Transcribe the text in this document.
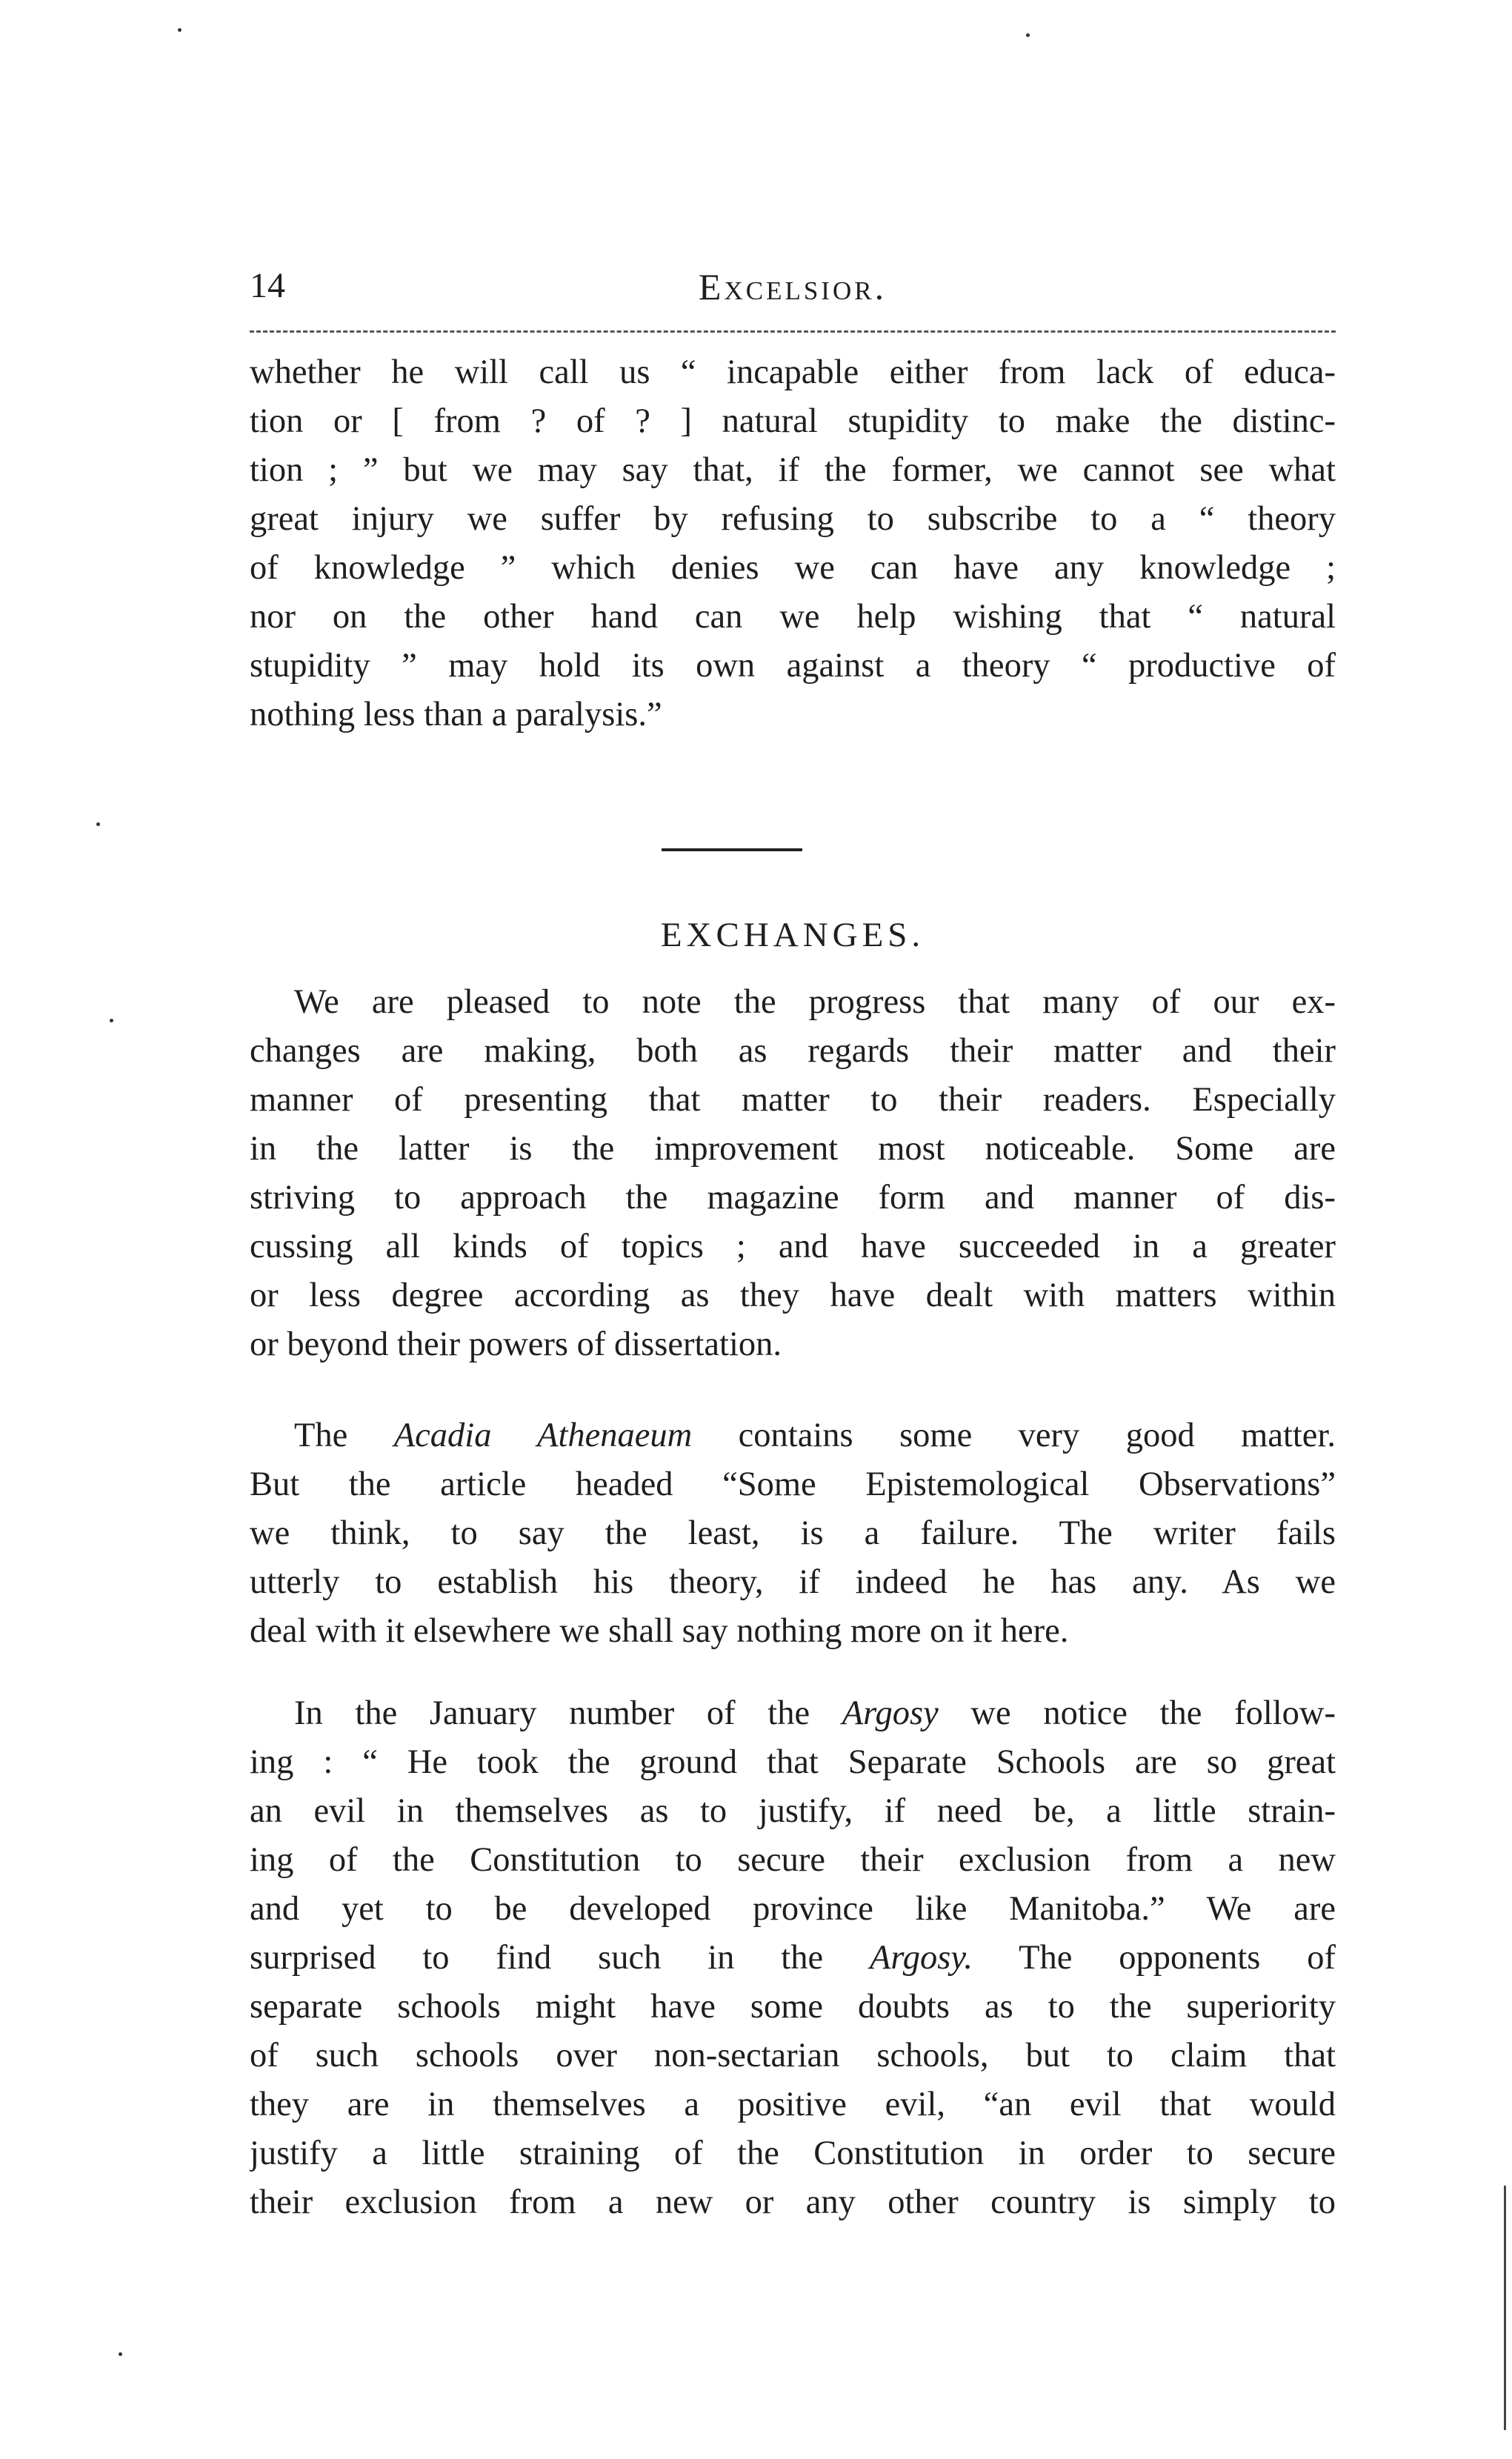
14	Excelsior.
whether he will call us “ incapable either from lack of educa-
tion or [ from ? of ? ] natural stupidity to make the distinc-
tion ; ” but we may say that, if the former, we cannot see what
great injury we suffer by refusing to subscribe to a “ theory
of knowledge ” which denies we can have any knowledge ;
nor on the other hand can we help wishing that “ natural
stupidity ” may hold its own against a theory “ productive of
nothing less than a paralysis.”
EXCHANGES.
We are pleased to note the progress that many of our ex-
changes are making, both as regards their matter and their
manner of presenting that matter to their readers. Especially
in the latter is the improvement most noticeable. Some are
striving to approach the magazine form and manner of dis-
cussing all kinds of topics ; and have succeeded in a greater
or less degree according as they have dealt with matters within
or beyond their powers of dissertation.
The Acadia Athenaeum contains some very good matter.
But the article headed “Some Epistemological Observations”
we think, to say the least, is a failure. The writer fails
utterly to establish his theory, if indeed he has any. As we
deal with it elsewhere we shall say nothing more on it here.
In the January number of the Argosy we notice the follow-
ing : “ He took the ground that Separate Schools are so great
an evil in themselves as to justify, if need be, a little strain-
ing of the Constitution to secure their exclusion from a new
and yet to be developed province like Manitoba.” We are
surprised to find such in the Argosy. The opponents of
separate schools might have some doubts as to the superiority
of such schools over non-sectarian schools, but to claim that
they are in themselves a positive evil, “an evil that would
justify a little straining of the Constitution in order to secure
their exclusion from a new or any other country is simply to
